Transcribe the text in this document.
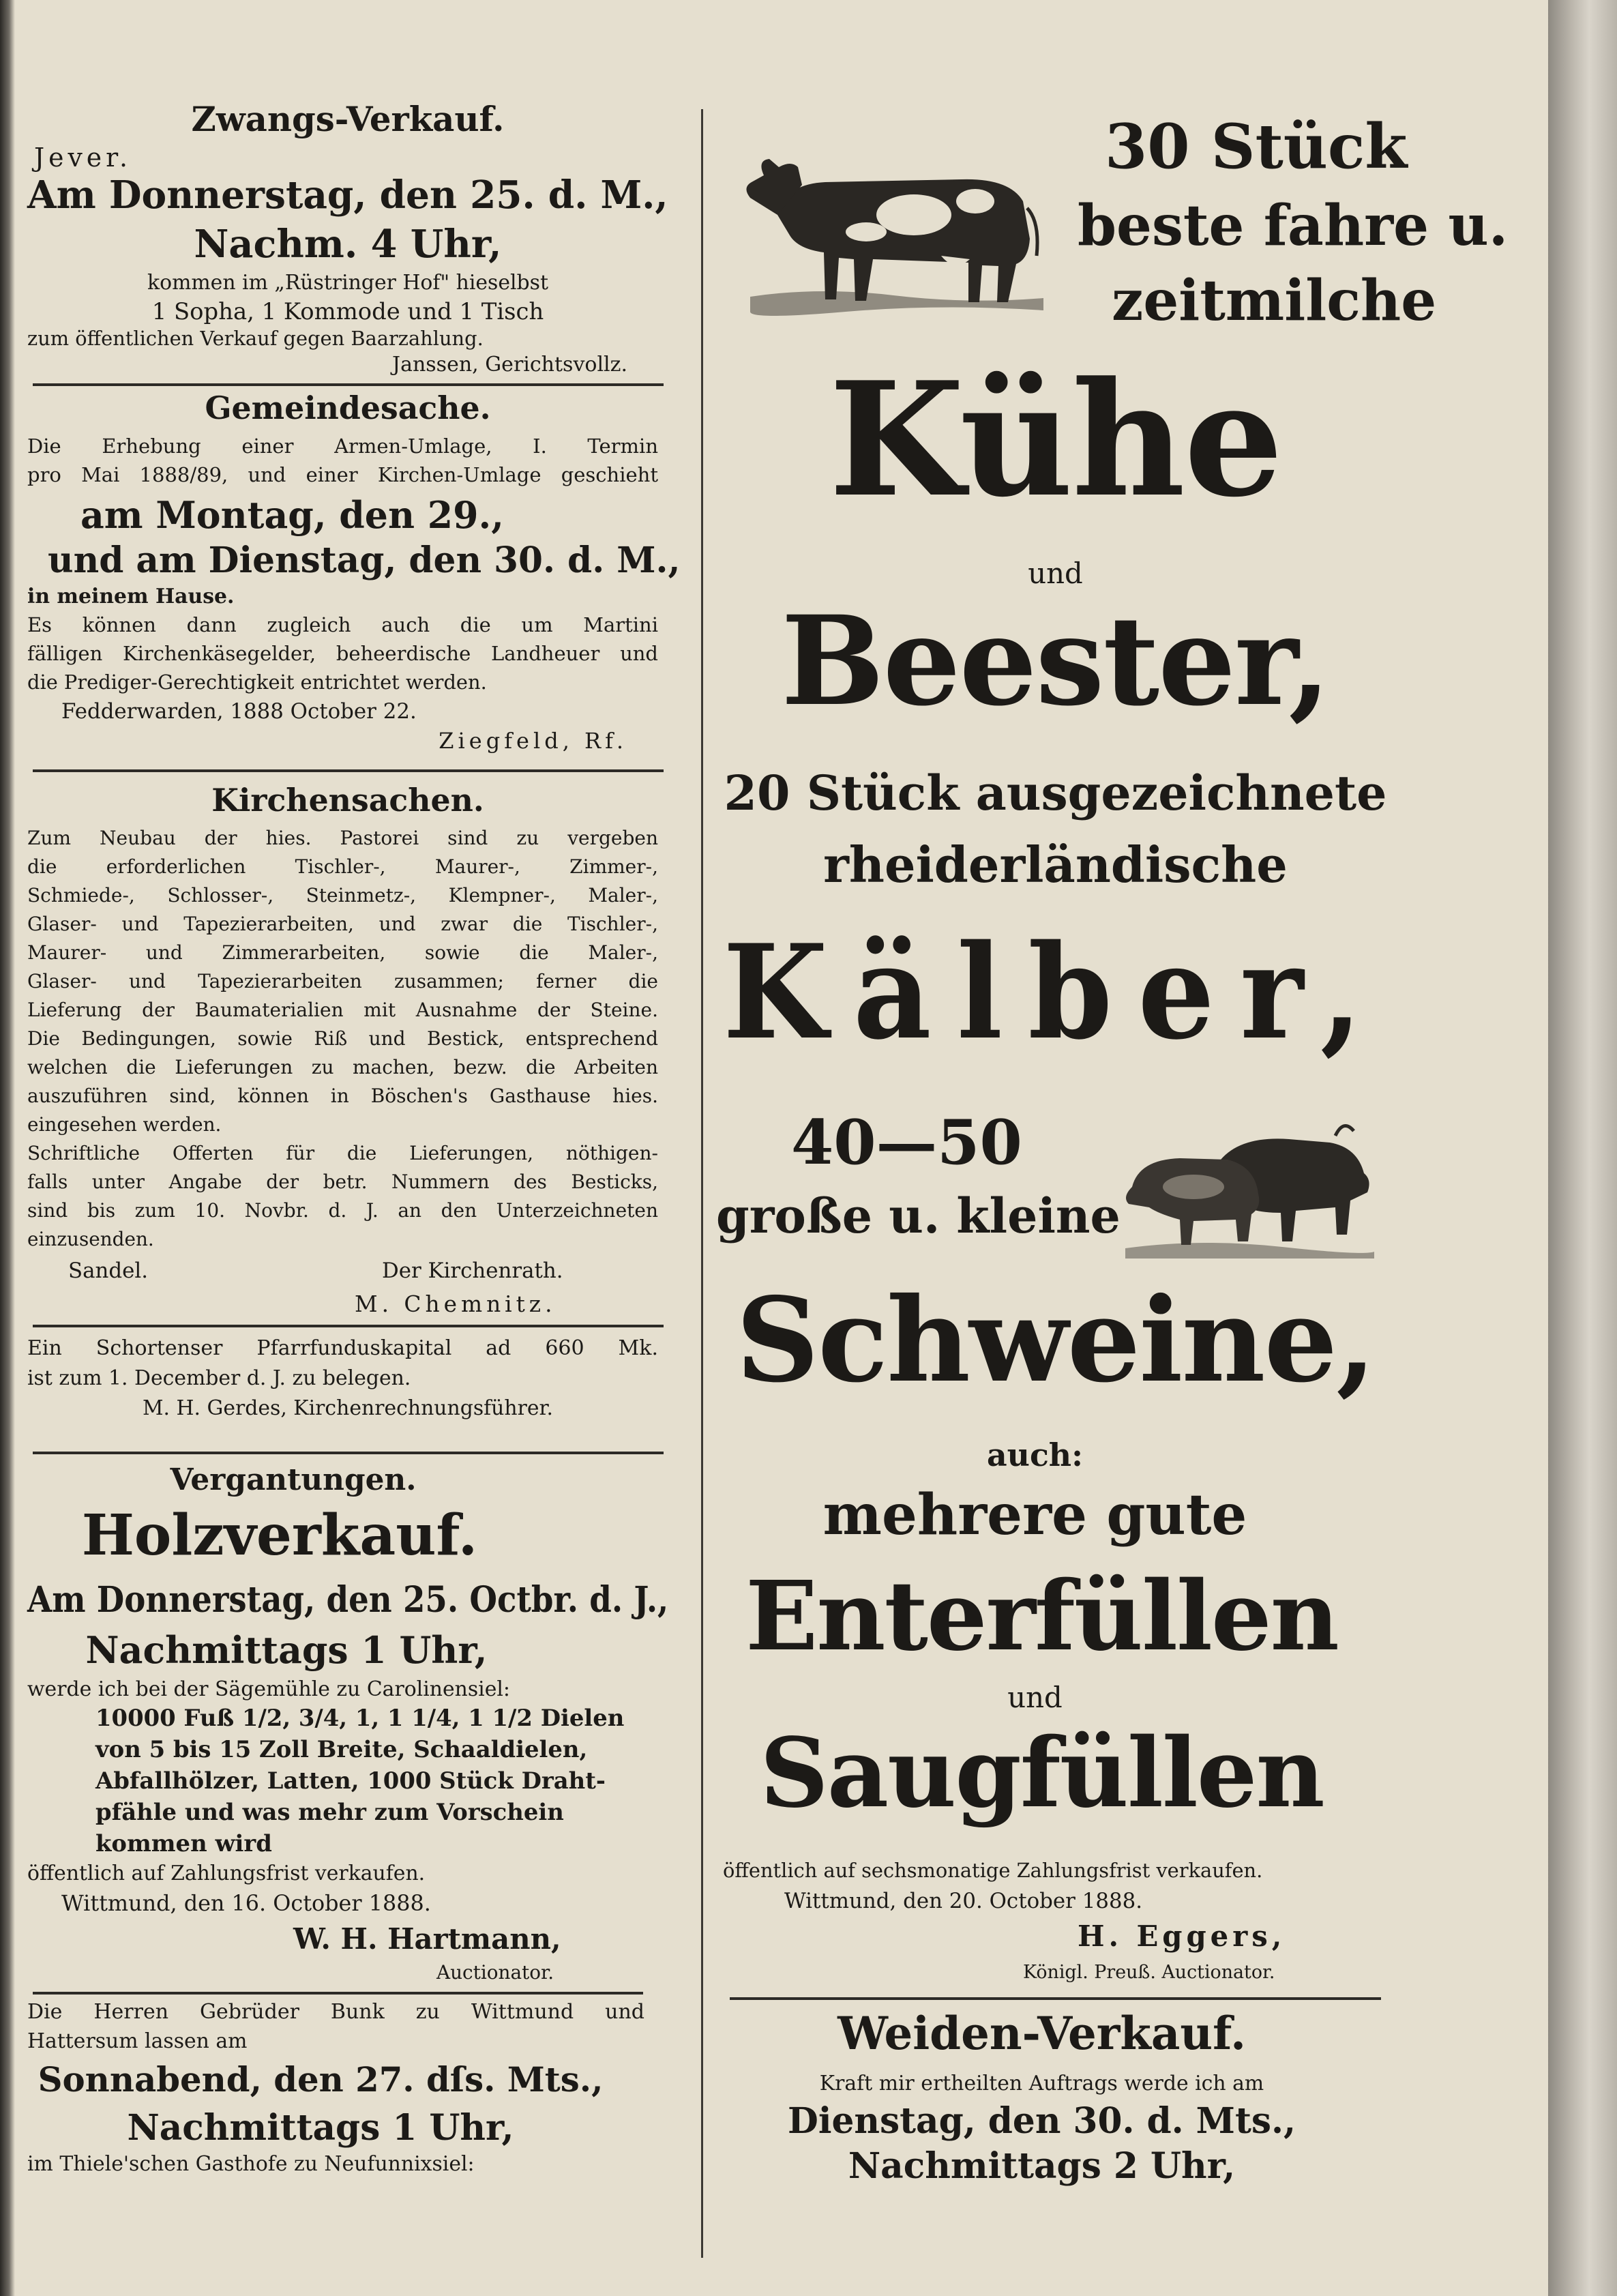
Zwangs-Verkauf.
Jever.
Am Donnerstag, den 25. d. M.,
Nachm. 4 Uhr,
kommen im „Rüstringer Hof" hieselbst
1 Sopha, 1 Kommode und 1 Tisch
zum öffentlichen Verkauf gegen Baarzahlung.
Janssen, Gerichtsvollz.
Gemeindesache.
Die Erhebung einer Armen-Umlage, I. Termin
pro Mai 1888/89, und einer Kirchen-Umlage geschieht
am Montag, den 29.,
und am Dienstag, den 30. d. M.,
in meinem Hause.
Es können dann zugleich auch die um Martini
fälligen Kirchenkäsegelder, beheerdische Landheuer und
die Prediger-Gerechtigkeit entrichtet werden.
Fedderwarden, 1888 October 22.
Ziegfeld, Rf.
Kirchensachen.
Zum Neubau der hies. Pastorei sind zu vergeben
die erforderlichen Tischler-, Maurer-, Zimmer-,
Schmiede-, Schlosser-, Steinmetz-, Klempner-, Maler-,
Glaser- und Tapezierarbeiten, und zwar die Tischler-,
Maurer- und Zimmerarbeiten, sowie die Maler-,
Glaser- und Tapezierarbeiten zusammen; ferner die
Lieferung der Baumaterialien mit Ausnahme der Steine.
Die Bedingungen, sowie Riß und Bestick, entsprechend
welchen die Lieferungen zu machen, bezw. die Arbeiten
auszuführen sind, können in Böschen's Gasthause hies.
eingesehen werden.
Schriftliche Offerten für die Lieferungen, nöthigen-
falls unter Angabe der betr. Nummern des Besticks,
sind bis zum 10. Novbr. d. J. an den Unterzeichneten
einzusenden.
Sandel.	Der Kirchenrath.
M. Chemnitz.
Ein Schortenser Pfarrfunduskapital ad 660 Mk.
ist zum 1. December d. J. zu belegen.
M. H. Gerdes, Kirchenrechnungsführer.
Vergantungen.
Holzverkauf.
Am Donnerstag, den 25. Octbr. d. J.,
Nachmittags 1 Uhr,
werde ich bei der Sägemühle zu Carolinensiel:
10000 Fuß 1/2, 3/4, 1, 1 1/4, 1 1/2 Dielen
von 5 bis 15 Zoll Breite, Schaaldielen,
Abfallhölzer, Latten, 1000 Stück Draht-
pfähle und was mehr zum Vorschein
kommen wird
öffentlich auf Zahlungsfrist verkaufen.
Wittmund, den 16. October 1888.
W. H. Hartmann,
Auctionator.
Die Herren Gebrüder Bunk zu Wittmund und
Hattersum lassen am
Sonnabend, den 27. dſs. Mts.,
Nachmittags 1 Uhr,
im Thiele'schen Gasthofe zu Neufunnixsiel:
30 Stück
beste fahre u.
zeitmilche
Kühe
und
Beester,
20 Stück ausgezeichnete
rheiderländische
Kälber,
40—50
große u. kleine
Schweine,
auch:
mehrere gute
Enterfüllen
und
Saugfüllen
öffentlich auf sechsmonatige Zahlungsfrist verkaufen.
Wittmund, den 20. October 1888.
H. Eggers,
Königl. Preuß. Auctionator.
Weiden-Verkauf.
Kraft mir ertheilten Auftrags werde ich am
Dienstag, den 30. d. Mts.,
Nachmittags 2 Uhr,
